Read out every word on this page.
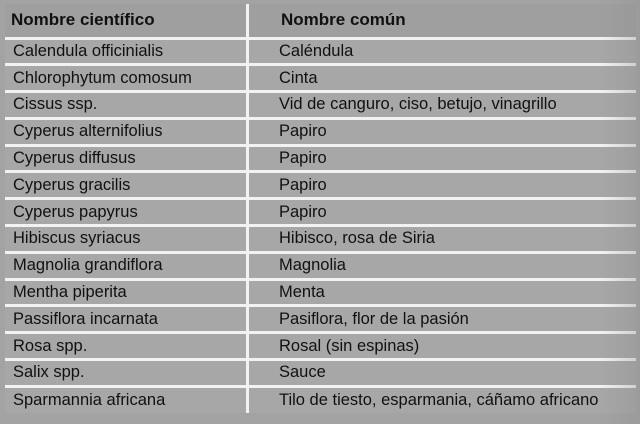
Nombre científico	Nombre común
Calendula officinialis	Caléndula
Chlorophytum comosum	Cinta
Cissus ssp.	Vid de canguro, ciso, betujo, vinagrillo
Cyperus alternifolius	Papiro
Cyperus diffusus	Papiro
Cyperus gracilis	Papiro
Cyperus papyrus	Papiro
Hibiscus syriacus	Hibisco, rosa de Siria
Magnolia grandiflora	Magnolia
Mentha piperita	Menta
Passiflora incarnata	Pasiflora, flor de la pasión
Rosa spp.	Rosal (sin espinas)
Salix spp.	Sauce
Sparmannia africana	Tilo de tiesto, esparmania, cáñamo africano
